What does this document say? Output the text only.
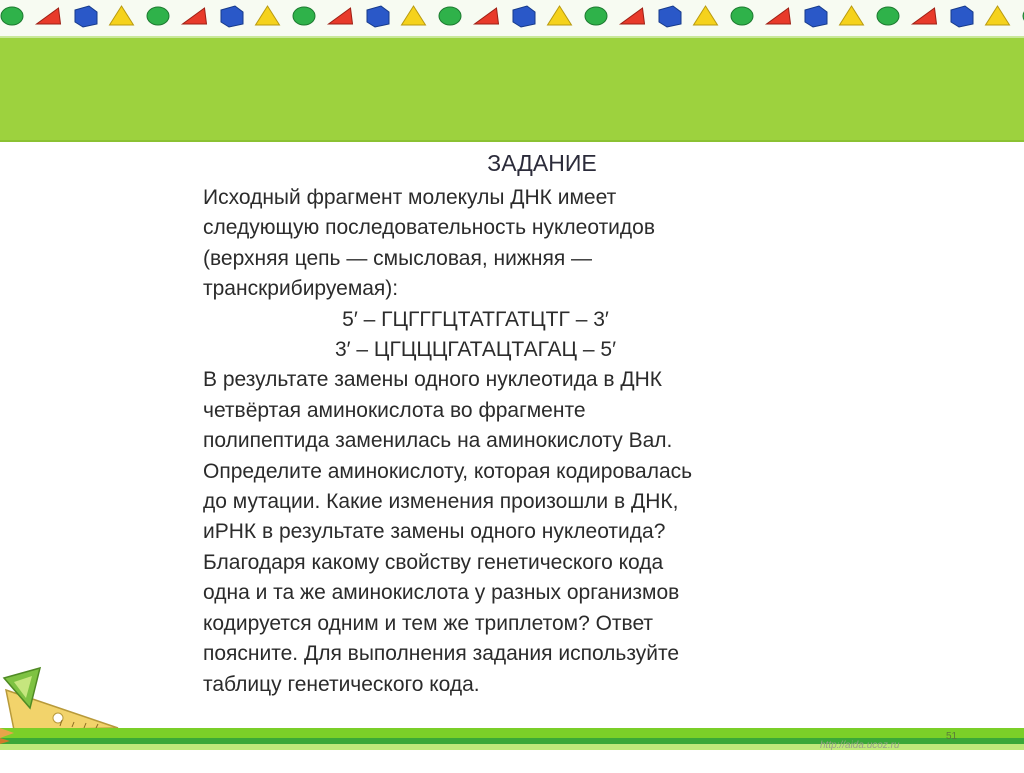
ЗАДАНИЕ
Исходный фрагмент молекулы ДНК имеет
следующую последовательность нуклеотидов
(верхняя цепь — смысловая, нижняя —
транскрибируемая):
5′ – ГЦГГГЦТАТГАТЦТГ – 3′
3′ – ЦГЦЦЦГАТАЦТАГАЦ – 5′
В результате замены одного нуклеотида в ДНК
четвёртая аминокислота во фрагменте
полипептида заменилась на аминокислоту Вал.
Определите аминокислоту, которая кодировалась
до мутации. Какие изменения произошли в ДНК,
иРНК в результате замены одного нуклеотида?
Благодаря какому свойству генетического кода
одна и та же аминокислота у разных организмов
кодируется одним и тем же триплетом? Ответ
поясните. Для выполнения задания используйте
таблицу генетического кода.
51
http://aida.ucoz.ru
